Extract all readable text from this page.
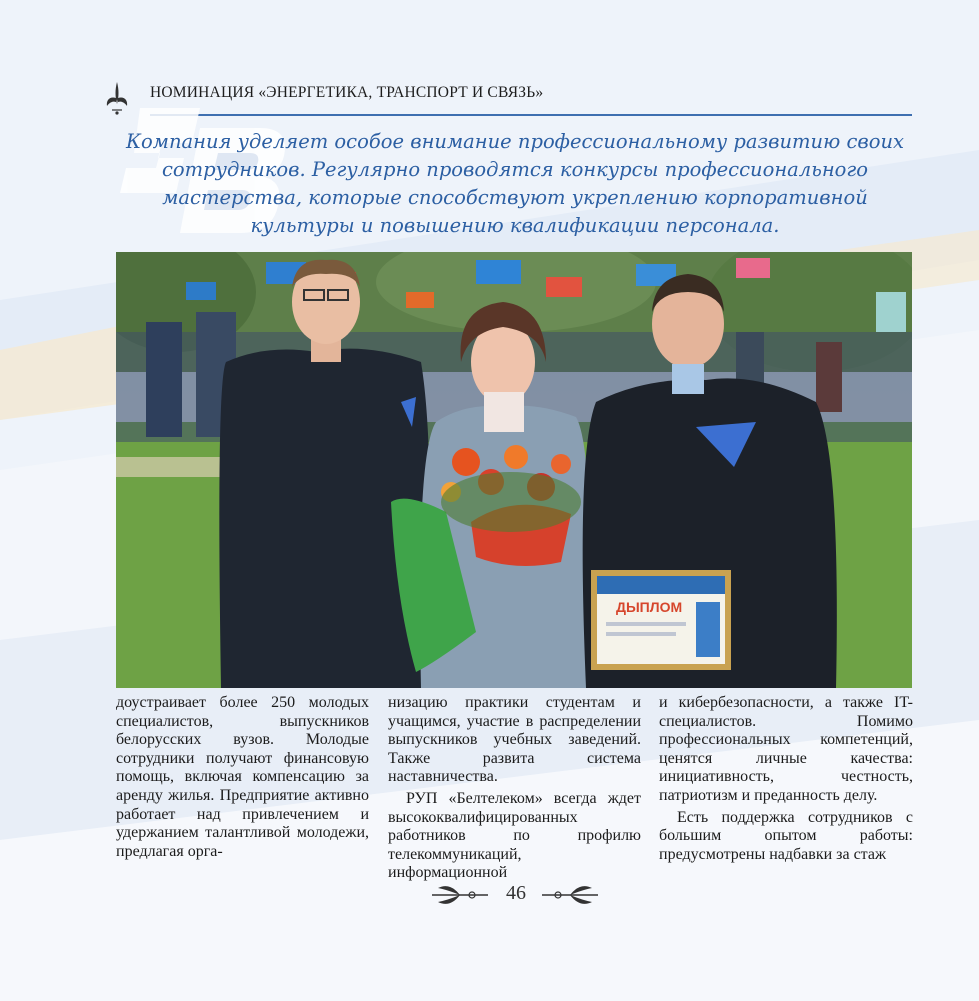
НОМИНАЦИЯ «ЭНЕРГЕТИКА, ТРАНСПОРТ И СВЯЗЬ»
Компания уделяет особое внимание профессиональному развитию своих сотрудников. Регулярно проводятся конкурсы профессионального мастерства, которые способствуют укреплению корпоративной культуры и повышению квалификации персонала.
ДЫПЛОМ

доустраивает более 250 молодых специалистов, выпускников белорусских вузов. Молодые сотрудники получают финансовую помощь, включая компенсацию за аренду жилья. Предприятие активно работает над привлечением и удержанием талантливой молодежи, предлагая орга-

низацию практики студентам и учащимся, участие в распределении выпускников учебных заведений. Также развита система наставничества.

РУП «Белтелеком» всегда ждет высококвалифицированных работников по профилю телекоммуникаций, информационной

и кибербезопасности, а также IT-специалистов. Помимо профессиональных компетенций, ценятся личные качества: инициативность, честность, патриотизм и преданность делу.

Есть поддержка сотрудников с большим опытом работы: предусмотрены надбавки за стаж

46
